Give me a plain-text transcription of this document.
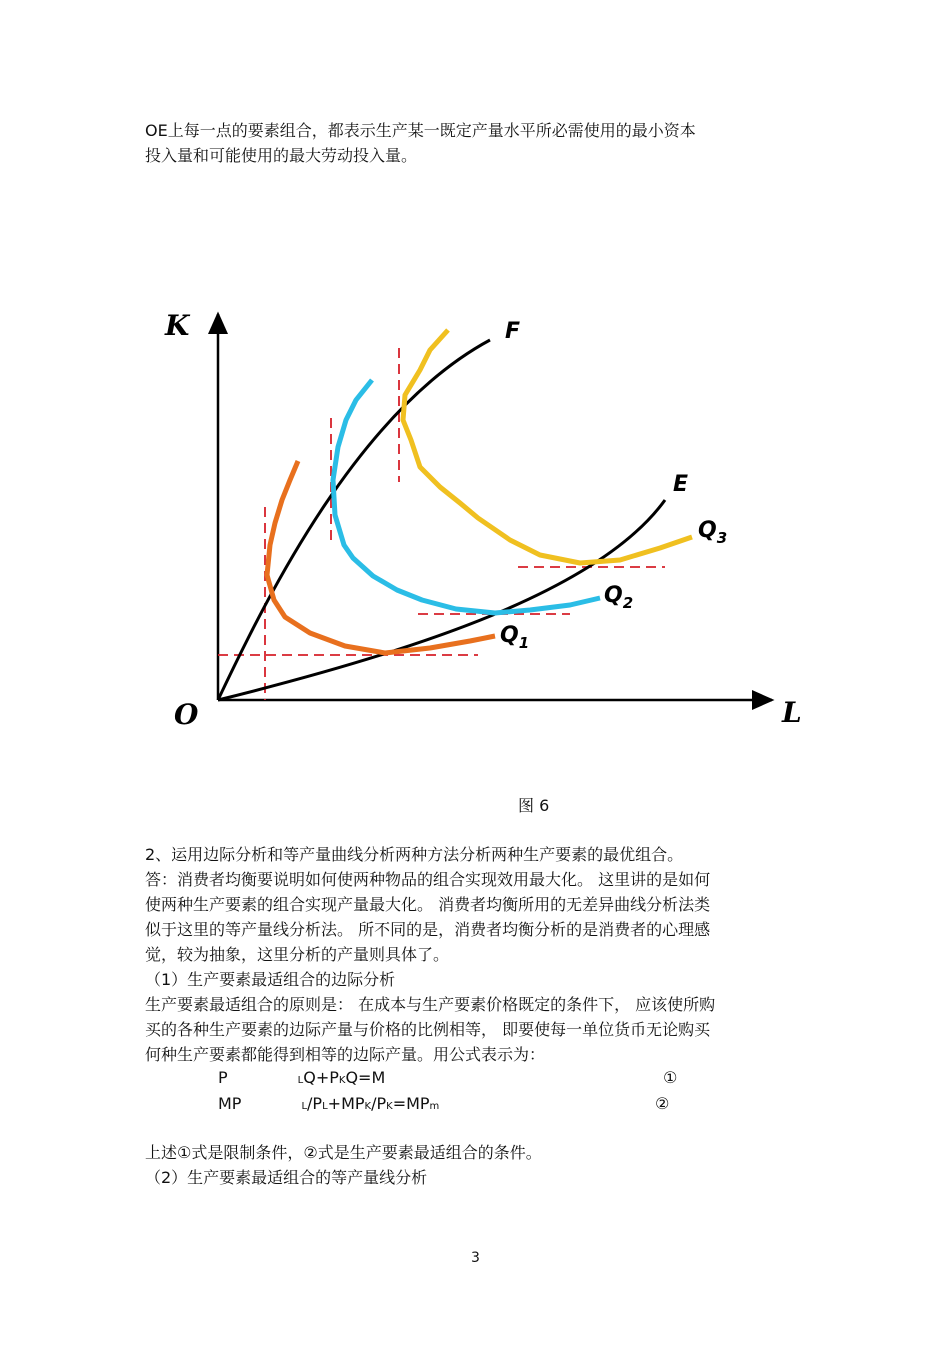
OE上每一点的要素组合，都表示生产某一既定产量水平所必需使用的最小资本
投入量和可能使用的最大劳动投入量。
K
L
O
F
E
$Q_1$
$Q_2$
$Q_3$
图 6
2、运用边际分析和等产量曲线分析两种方法分析两种生产要素的最优组合。
答：消费者均衡要说明如何使两种物品的组合实现效用最大化。 这里讲的是如何
使两种生产要素的组合实现产量最大化。 消费者均衡所用的无差异曲线分析法类
似于这里的等产量线分析法。 所不同的是，消费者均衡分析的是消费者的心理感
觉，较为抽象，这里分析的产量则具体了。
（1）生产要素最适组合的边际分析
生产要素最适组合的原则是： 在成本与生产要素价格既定的条件下， 应该使所购
买的各种生产要素的边际产量与价格的比例相等， 即要使每一单位货币无论购买
何种生产要素都能得到相等的边际产量。用公式表示为：
P	LQ+PKQ=M	①
MP	L/PL+MPK/PK=MPm	②
上述①式是限制条件，②式是生产要素最适组合的条件。
（2）生产要素最适组合的等产量线分析
3
